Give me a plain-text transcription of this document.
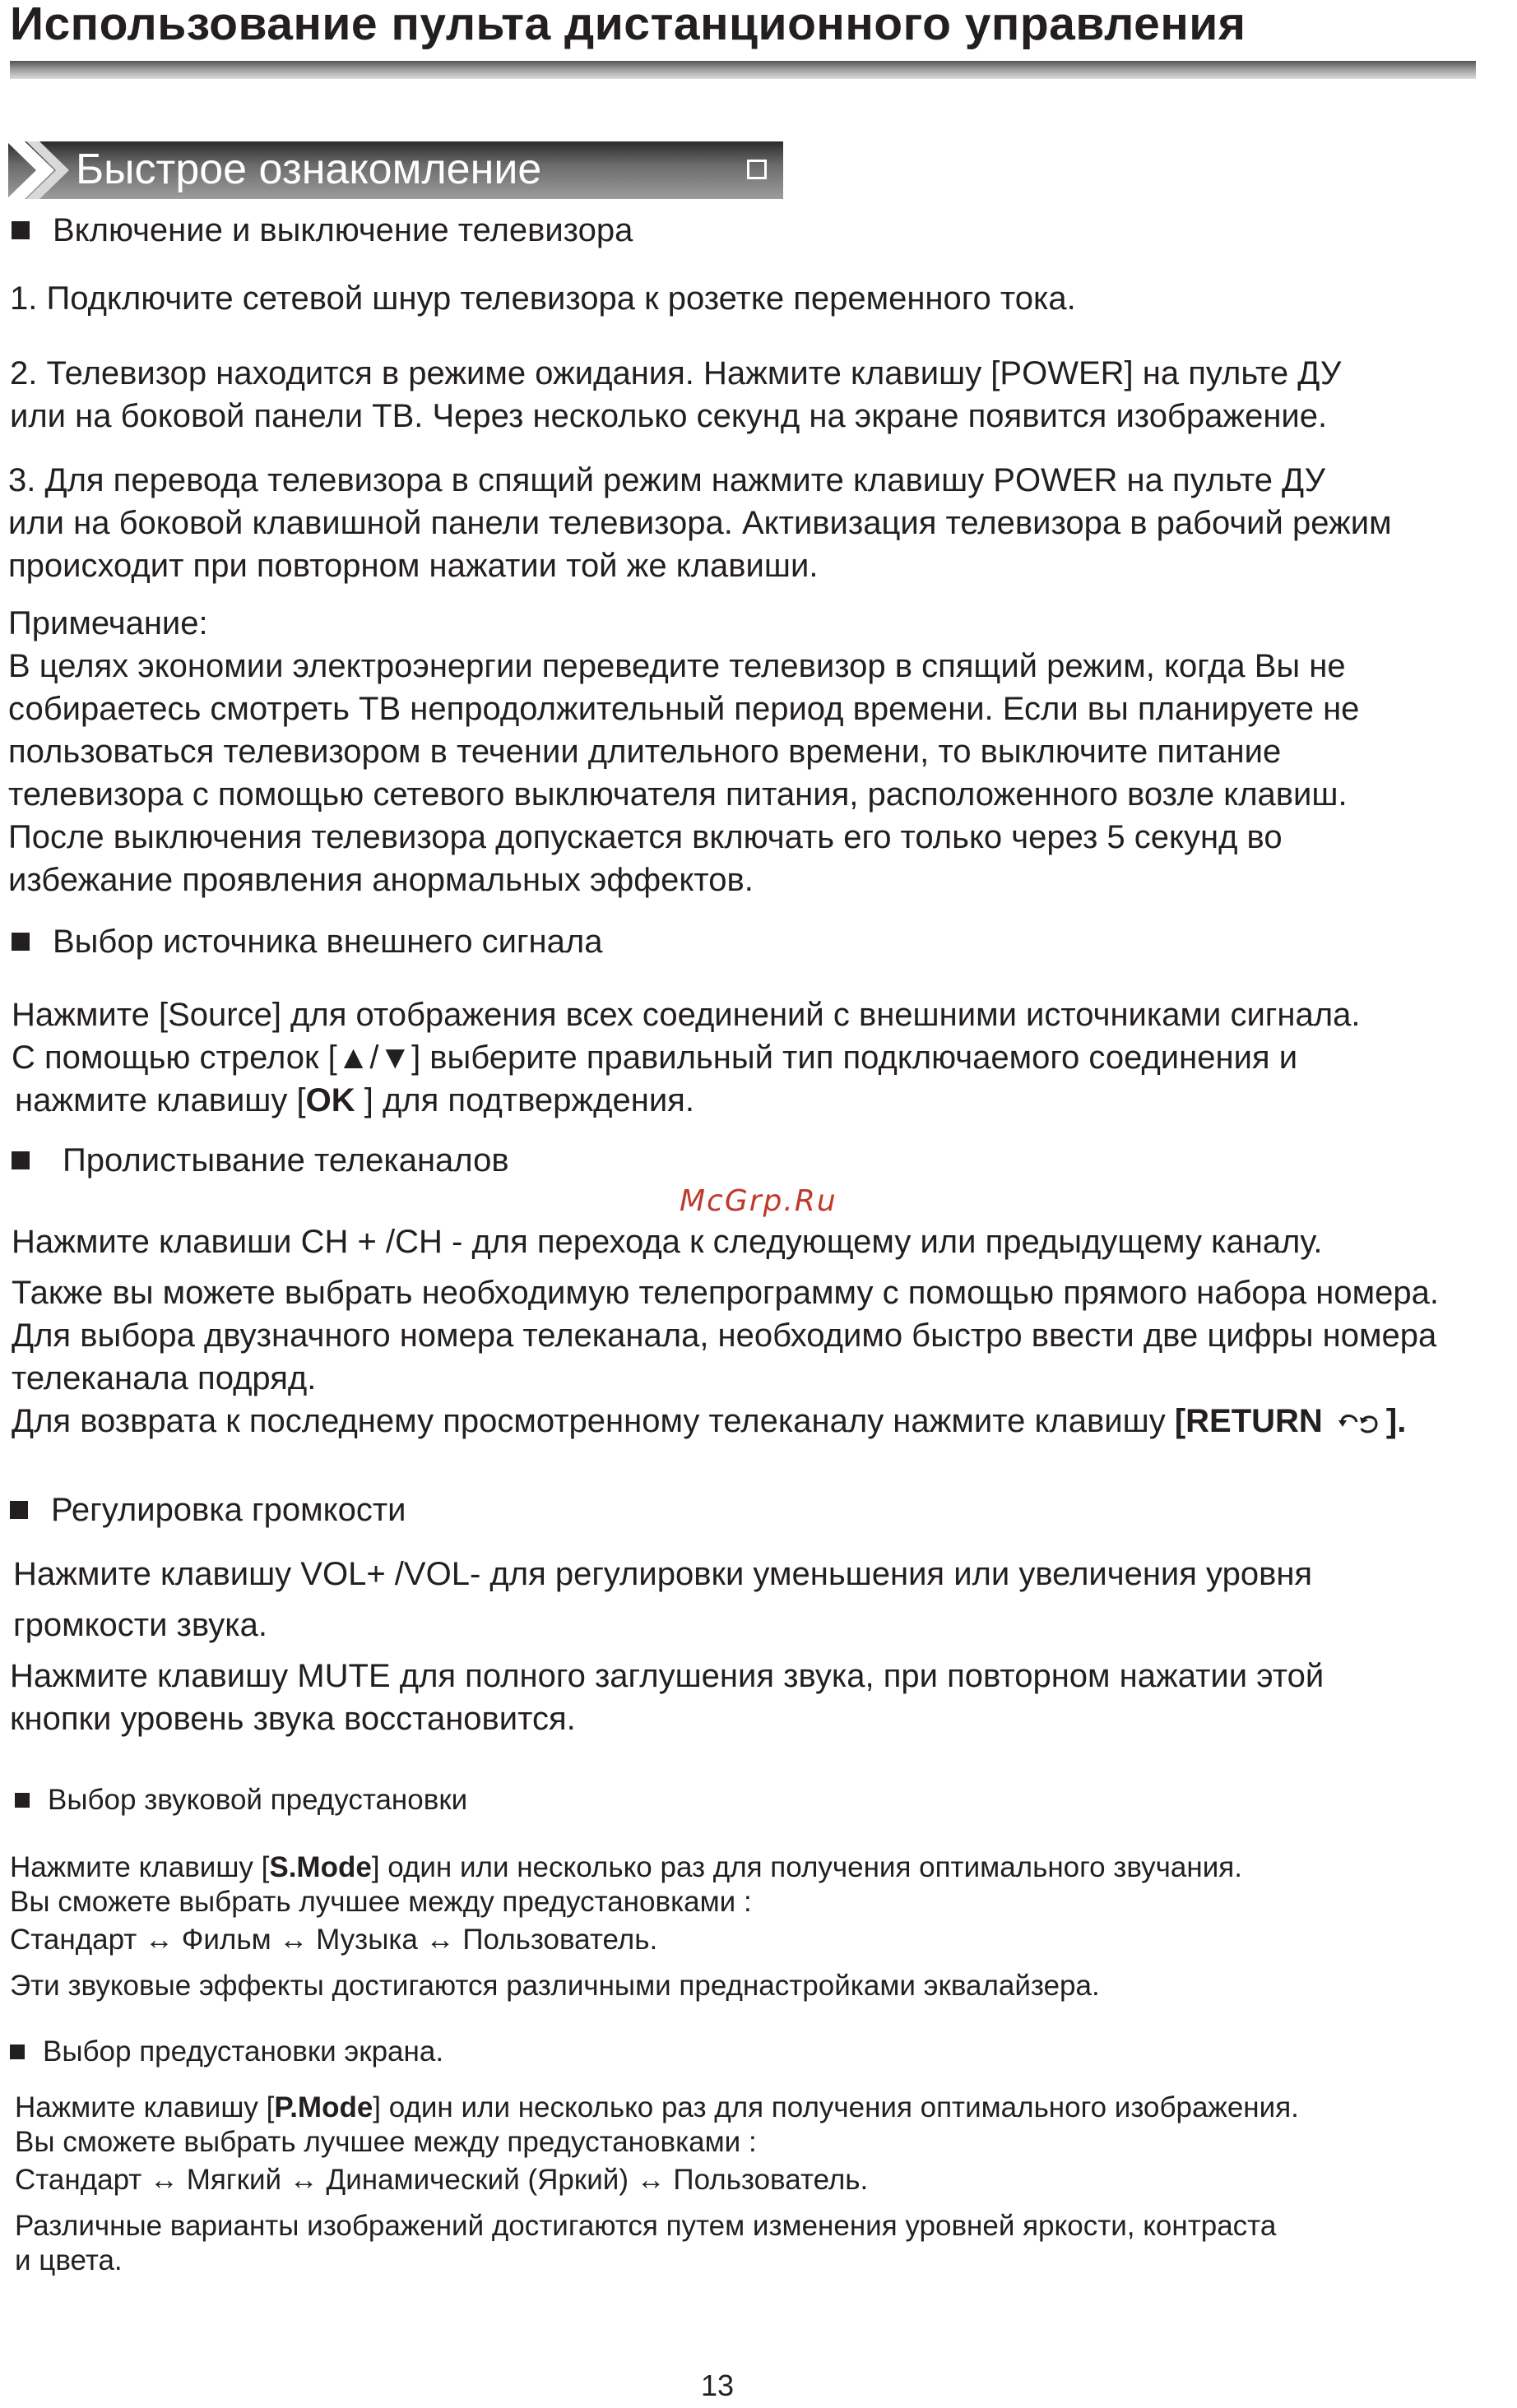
Использование пульта дистанционного управления
Быстрое ознакомление
Включение и выключение телевизора
1. Подключите сетевой шнур телевизора к розетке переменного тока.
2. Телевизор находится в режиме ожидания. Нажмите клавишу [POWER] на пульте ДУ
или на боковой панели ТВ. Через несколько секунд на экране появится изображение.
3. Для перевода телевизора в спящий режим нажмите клавишу POWER на пульте ДУ
или на боковой клавишной панели телевизора. Активизация телевизора в рабочий режим
происходит при повторном нажатии той же клавиши.
Примечание:
В целях экономии электроэнергии переведите телевизор в спящий режим, когда Вы не
собираетесь смотреть ТВ непродолжительный период времени. Если вы планируете не
пользоваться телевизором в течении длительного времени, то выключите питание
телевизора с помощью сетевого выключателя питания, расположенного возле клавиш.
После выключения телевизора допускается включать его только через 5 секунд во
избежание проявления анормальных эффектов.
Выбор источника внешнего сигнала
Нажмите [Source] для отображения всех соединений с внешними источниками сигнала.
С помощью стрелок [▲/▼] выберите правильный тип подключаемого соединения и
нажмите клавишу [OK ] для подтверждения.
Пролистывание телеканалов
McGrp.Ru
Нажмите клавиши CH + /CH - для перехода к следующему или предыдущему каналу.
Также вы можете выбрать необходимую телепрограмму с помощью прямого набора номера.
Для выбора двузначного номера телеканала, необходимо быстро ввести две цифры номера
телеканала подряд.
Для возврата к последнему просмотренному телеканалу нажмите клавишу [RETURN ].
Регулировка громкости
Нажмите клавишу VOL+ /VOL- для регулировки уменьшения или увеличения уровня
громкости звука.
Нажмите клавишу MUTE для полного заглушения звука, при повторном нажатии этой
кнопки уровень звука восстановится.
Выбор звуковой предустановки
Нажмите клавишу [S.Mode] один или несколько раз для получения оптимального звучания.
Вы сможете выбрать лучшее между предустановками :
Стандарт ↔ Фильм ↔ Музыка ↔ Пользователь.
Эти звуковые эффекты достигаются различными преднастройками эквалайзера.
Выбор предустановки экрана.
Нажмите клавишу [P.Mode] один или несколько раз для получения оптимального изображения.
Вы сможете выбрать лучшее между предустановками :
Стандарт ↔ Мягкий ↔ Динамический (Яркий) ↔ Пользователь.
Различные варианты изображений достигаются путем изменения уровней яркости, контраста
и цвета.
13
